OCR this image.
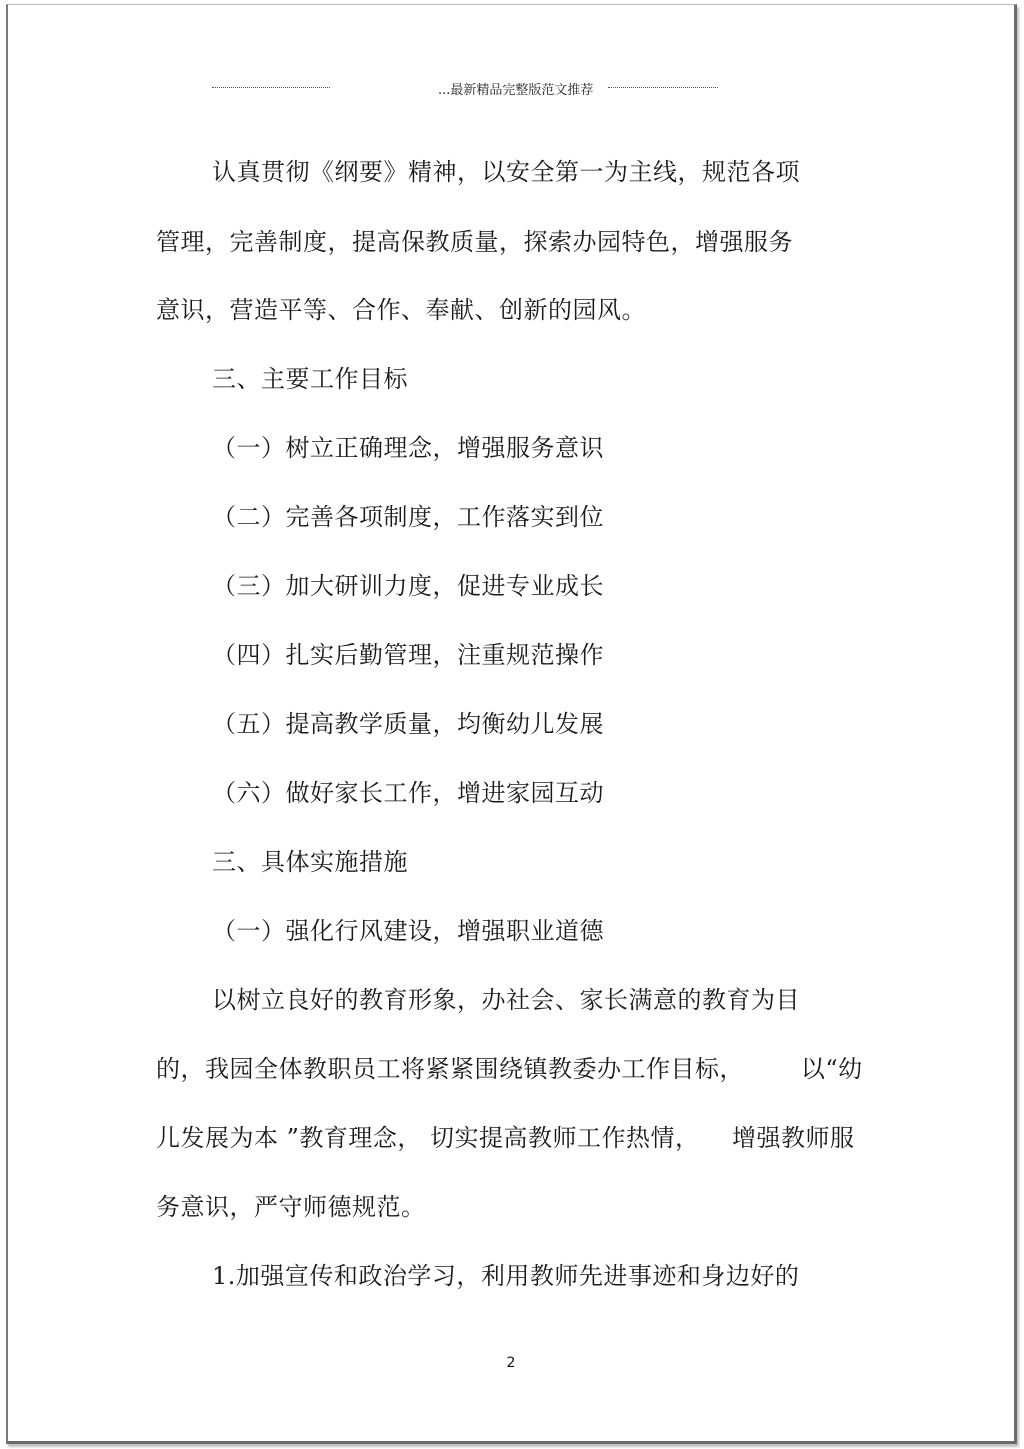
...最新精品完整版范文推荐
认真贯彻《纲要》精神，以安全第一为主线，规范各项
管理，完善制度，提高保教质量，探索办园特色，增强服务
意识，营造平等、合作、奉献、创新的园风。
三、主要工作目标
（一）树立正确理念，增强服务意识
（二）完善各项制度，工作落实到位
（三）加大研训力度，促进专业成长
（四）扎实后勤管理，注重规范操作
（五）提高教学质量，均衡幼儿发展
（六）做好家长工作，增进家园互动
三、具体实施措施
（一）强化行风建设，增强职业道德
以树立良好的教育形象，办社会、家长满意的教育为目
的，我园全体教职员工将紧紧围绕镇教委办工作目标，       以“幼
儿发展为本 ”教育理念， 切实提高教师工作热情，    增强教师服
务意识，严守师德规范。
1.加强宣传和政治学习，利用教师先进事迹和身边好的
2
